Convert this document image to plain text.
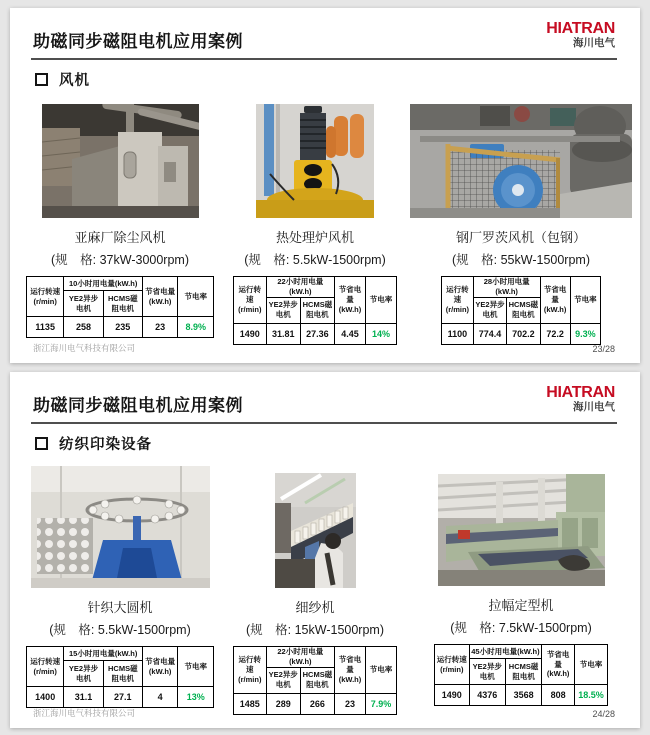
助磁同步磁阻电机应用案例
HIATRAN
海川电气
风机
亚麻厂除尘风机
(规　格: 37kW-3000rpm)
运行转速 (r/min)	10小时用电量(kW.h)		节省电量 (kW.h)	节电率
	YE2异步电机	HCMS磁阻电机		
1135	258	235	23	8.9%
热处理炉风机
(规　格: 5.5kW-1500rpm)
运行转速 (r/min)	22小时用电量(kW.h)		节省电量 (kW.h)	节电率
	YE2异步电机	HCMS磁阻电机		
1490	31.81	27.36	4.45	14%
钢厂罗茨风机（包钢）
(规　格: 55kW-1500rpm)
运行转速 (r/min)	28小时用电量(kW.h)		节省电量 (kW.h)	节电率
	YE2异步电机	HCMS磁阻电机		
1100	774.4	702.2	72.2	9.3%
浙江海川电气科技有限公司	23/28
助磁同步磁阻电机应用案例
HIATRAN
海川电气
纺织印染设备
针织大圆机
(规　格: 5.5kW-1500rpm)
运行转速 (r/min)	15小时用电量(kW.h)		节省电量 (kW.h)	节电率
	YE2异步电机	HCMS磁阻电机		
1400	31.1	27.1	4	13%
细纱机
(规　格: 15kW-1500rpm)
运行转速 (r/min)	22小时用电量(kW.h)		节省电量 (kW.h)	节电率
	YE2异步电机	HCMS磁阻电机		
1485	289	266	23	7.9%
拉幅定型机
(规　格: 7.5kW-1500rpm)
运行转速 (r/min)	45小时用电量(kW.h)		节省电量 (kW.h)	节电率
	YE2异步电机	HCMS磁阻电机		
1490	4376	3568	808	18.5%
浙江海川电气科技有限公司	24/28
